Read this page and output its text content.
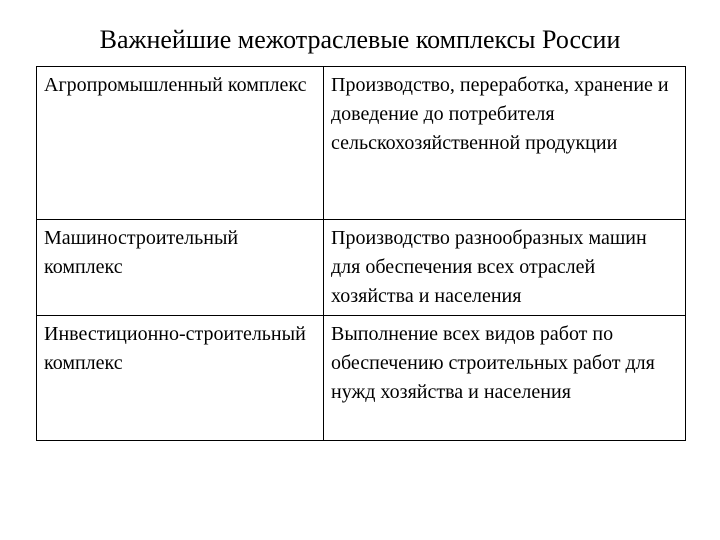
Важнейшие межотраслевые комплексы России
Агропромышленный комплекс	Производство, переработка, хранение и доведение до потребителя сельскохозяйственной продукции
Машиностроительный комплекс	Производство разнообразных машин для обеспечения всех отраслей хозяйства и населения
Инвестиционно-строительный комплекс	Выполнение всех видов работ по обеспечению строительных работ для нужд хозяйства и населения
